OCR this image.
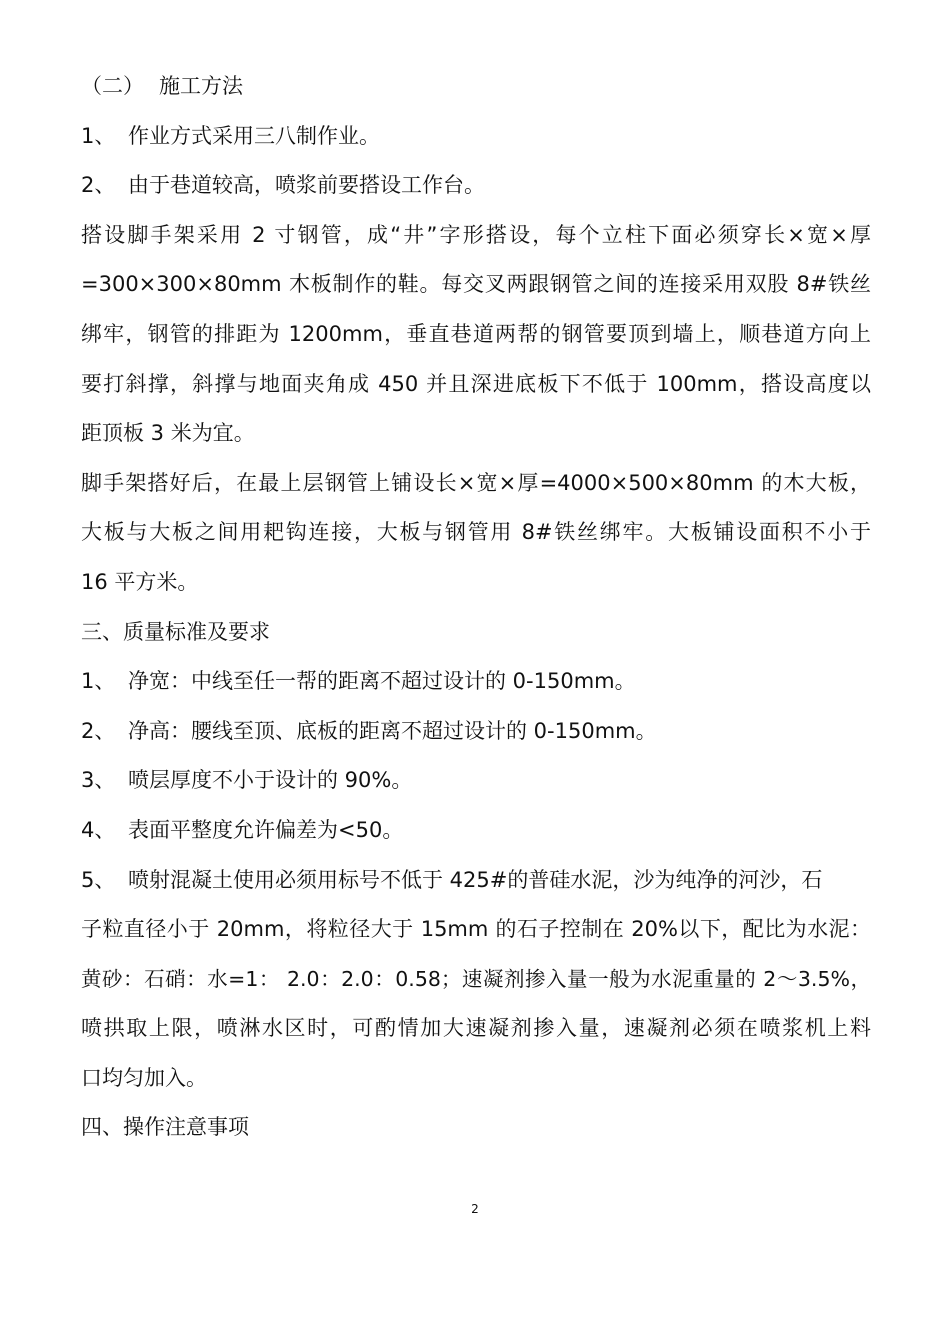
（二） 施工方法
1、 作业方式采用三八制作业。
2、 由于巷道较高，喷浆前要搭设工作台。
搭设脚手架采用 2 寸钢管，成“井”字形搭设，每个立柱下面必须穿长×宽×厚
=300×300×80mm 木板制作的鞋。每交叉两跟钢管之间的连接采用双股 8#铁丝
绑牢，钢管的排距为 1200mm，垂直巷道两帮的钢管要顶到墙上，顺巷道方向上
要打斜撑，斜撑与地面夹角成 450 并且深进底板下不低于 100mm，搭设高度以
距顶板 3 米为宜。
脚手架搭好后，在最上层钢管上铺设长×宽×厚=4000×500×80mm 的木大板，
大板与大板之间用耙钩连接，大板与钢管用 8#铁丝绑牢。大板铺设面积不小于
16 平方米。
三、质量标准及要求
1、 净宽：中线至任一帮的距离不超过设计的 0-150mm。
2、 净高：腰线至顶、底板的距离不超过设计的 0-150mm。
3、 喷层厚度不小于设计的 90%。
4、 表面平整度允许偏差为<50。
5、 喷射混凝土使用必须用标号不低于 425#的普硅水泥，沙为纯净的河沙，石
子粒直径小于 20mm，将粒径大于 15mm 的石子控制在 20%以下，配比为水泥：
黄砂：石硝：水=1： 2.0：2.0：0.58；速凝剂掺入量一般为水泥重量的 2～3.5%，
喷拱取上限，喷淋水区时，可酌情加大速凝剂掺入量，速凝剂必须在喷浆机上料
口均匀加入。
四、操作注意事项
2
